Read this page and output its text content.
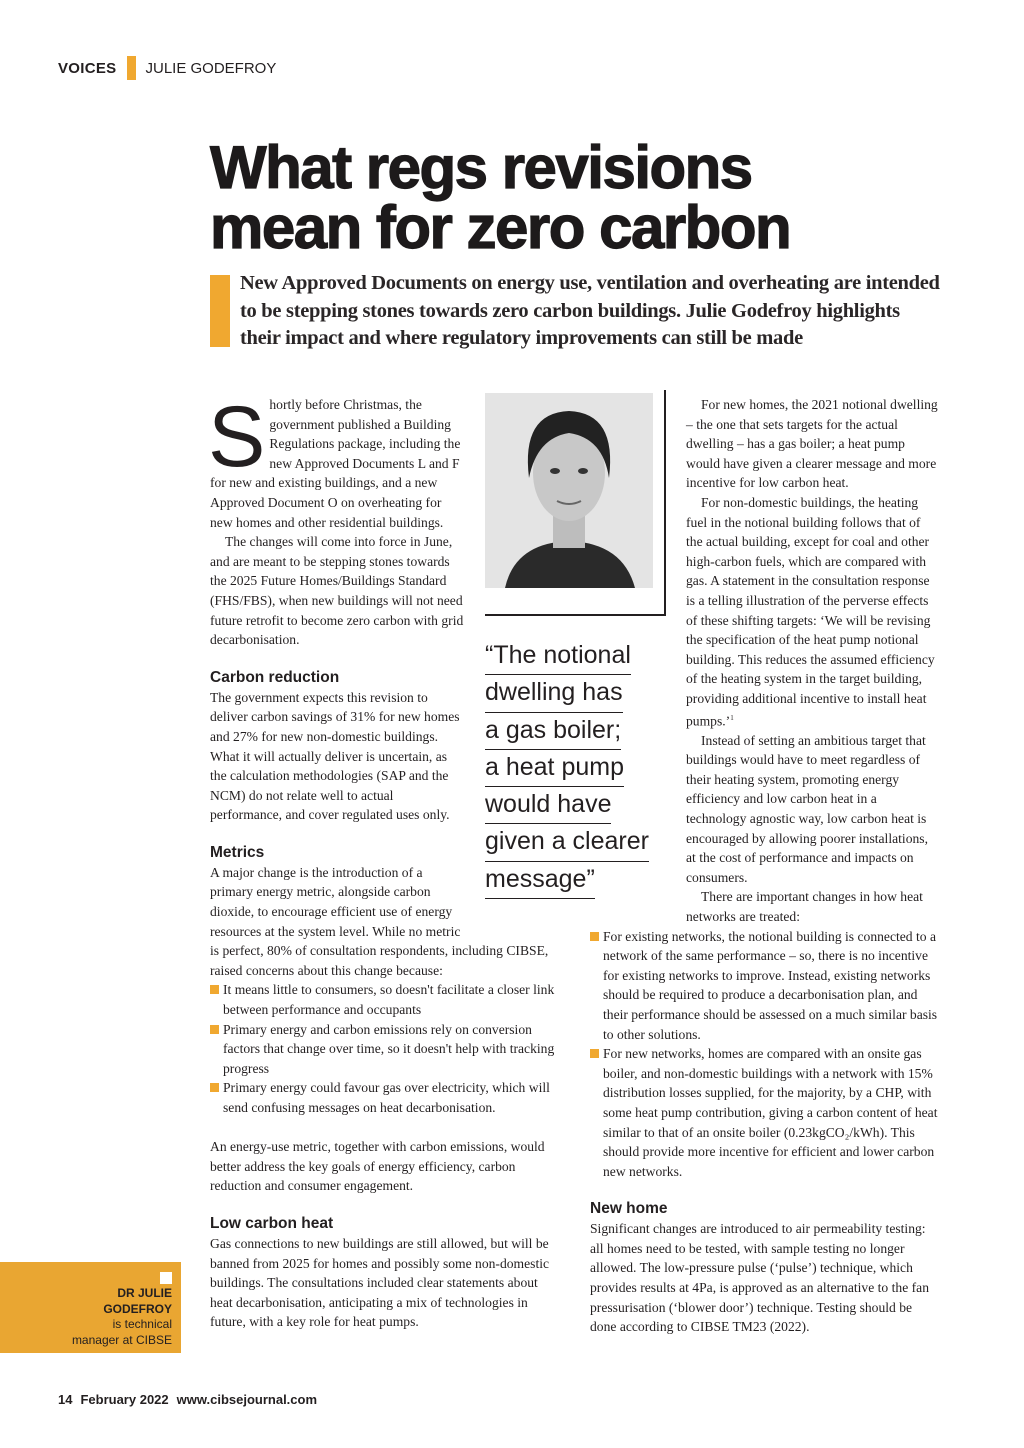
VOICES JULIE GODEFROY
What regs revisions
mean for zero carbon
New Approved Documents on energy use, ventilation and overheating are intended to be stepping stones towards zero carbon buildings. Julie Godefroy highlights their impact and where regulatory improvements can still be made

Shortly before Christmas, the government published a Building Regulations package, including the new Approved Documents L and F for new and existing buildings, and a new Approved Document O on overheating for new homes and other residential buildings.

The changes will come into force in June, and are meant to be stepping stones towards the 2025 Future Homes/Buildings Standard (FHS/FBS), when new buildings will not need future retrofit to become zero carbon with grid decarbonisation.

Carbon reduction

The government expects this revision to deliver carbon savings of 31% for new homes and 27% for new non-domestic buildings. What it will actually deliver is uncertain, as the calculation methodologies (SAP and the NCM) do not relate well to actual performance, and cover regulated uses only.

Metrics

A major change is the introduction of a primary energy metric, alongside carbon dioxide, to encourage efficient use of energy resources at the system level. While no metric is perfect, 80% of consultation respondents, including CIBSE, raised concerns about this change because:

It means little to consumers, so doesn't facilitate a closer link between performance and occupants
Primary energy and carbon emissions rely on conversion factors that change over time, so it doesn't help with tracking progress
Primary energy could favour gas over electricity, which will send confusing messages on heat decarbonisation.

An energy-use metric, together with carbon emissions, would better address the key goals of energy efficiency, carbon reduction and consumer engagement.

Low carbon heat

Gas connections to new buildings are still allowed, but will be banned from 2025 for homes and possibly some non-domestic buildings. The consultations included clear statements about heat decarbonisation, anticipating a mix of technologies in future, with a key role for heat pumps.

“The notional
dwelling has
a gas boiler;
a heat pump
would have
given a clearer
message”

For new homes, the 2021 notional dwelling – the one that sets targets for the actual dwelling – has a gas boiler; a heat pump would have given a clearer message and more incentive for low carbon heat.

For non-domestic buildings, the heating fuel in the notional building follows that of the actual building, except for coal and other high-carbon fuels, which are compared with gas. A statement in the consultation response is a telling illustration of the perverse effects of these shifting targets: ‘We will be revising the specification of the heat pump notional building. This reduces the assumed efficiency of the heating system in the target building, providing additional incentive to install heat pumps.’$^1$

Instead of setting an ambitious target that buildings would have to meet regardless of their heating system, promoting energy efficiency and low carbon heat in a technology agnostic way, low carbon heat is encouraged by allowing poorer installations, at the cost of performance and impacts on consumers.

There are important changes in how heat networks are treated:

For existing networks, the notional building is connected to a network of the same performance – so, there is no incentive for existing networks to improve. Instead, existing networks should be required to produce a decarbonisation plan, and their performance should be assessed on a much similar basis to other solutions.
For new networks, homes are compared with an onsite gas boiler, and non-domestic buildings with a network with 15% distribution losses supplied, for the majority, by a CHP, with some heat pump contribution, giving a carbon content of heat similar to that of an onsite boiler (0.23kgCO₂/kWh). This should provide more incentive for efficient and lower carbon new networks.
New home

Significant changes are introduced to air permeability testing: all homes need to be tested, with sample testing no longer allowed. The low-pressure pulse (‘pulse’) technique, which provides results at 4Pa, is approved as an alternative to the fan pressurisation (‘blower door’) technique. Testing should be done according to CIBSE TM23 (2022).

DR JULIE
GODEFROY
is technical
manager at CIBSE
14 February 2022 www.cibsejournal.com
